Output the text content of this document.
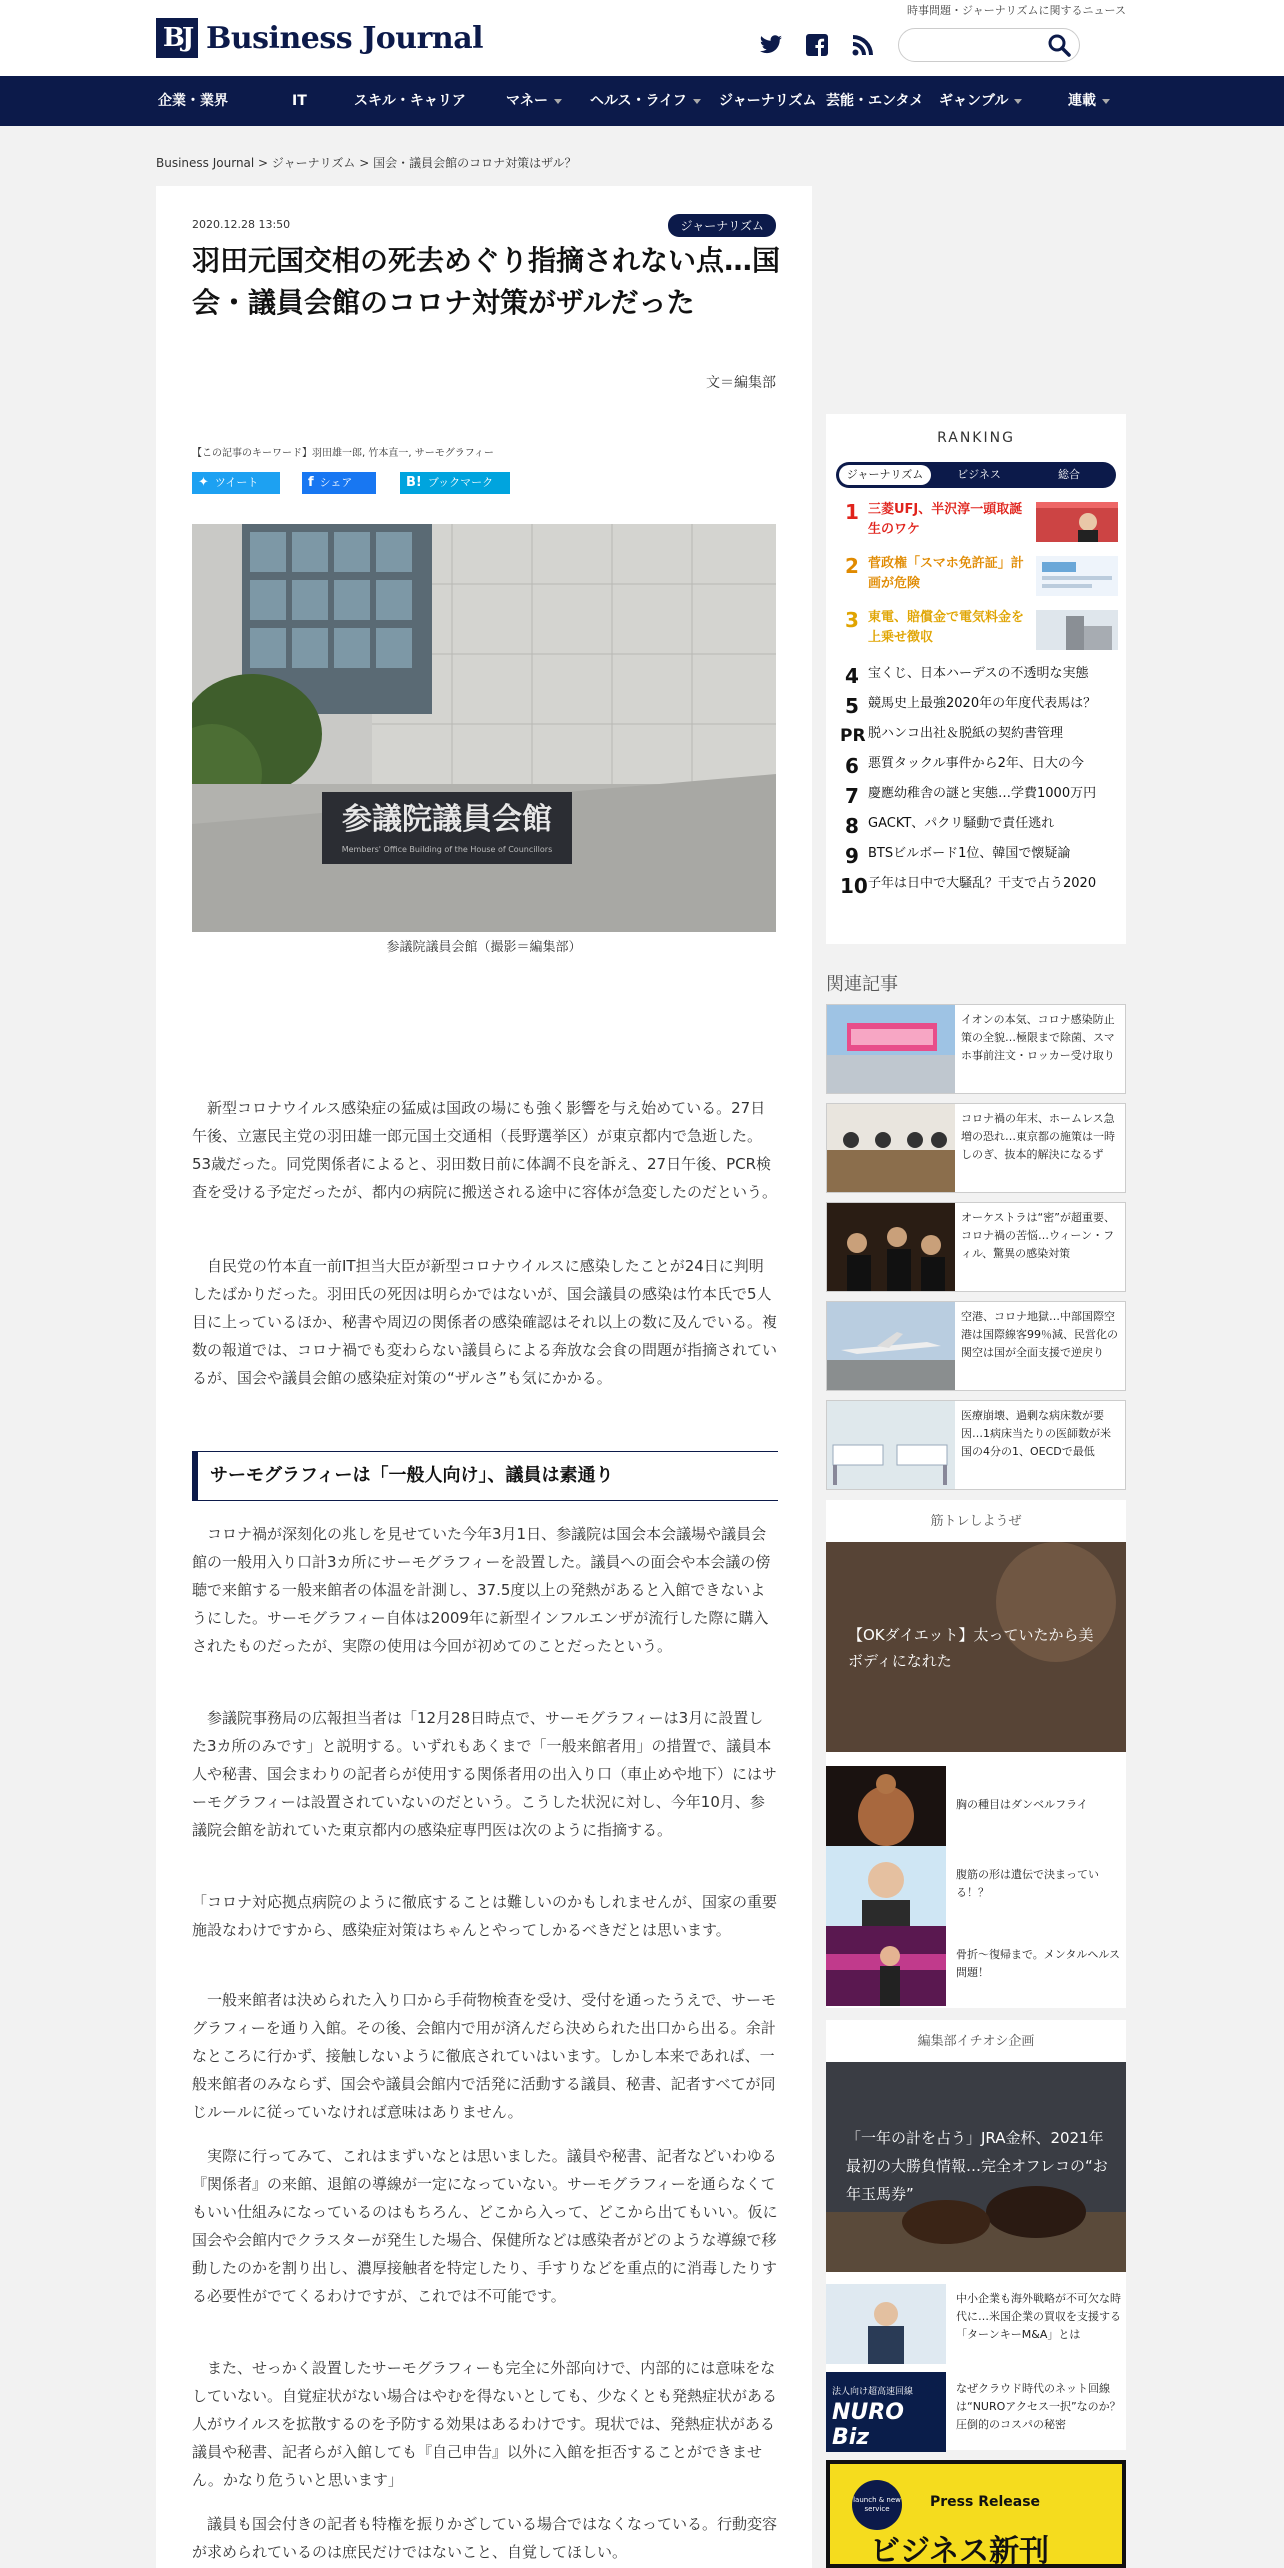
BJ Business Journal
時事問題・ジャーナリズムに関するニュース
企業・業界	IT	スキル・キャリア	マネー	ヘルス・ライフ	ジャーナリズム 芸能・エンタメ ギャンブル	連載
Business Journal > ジャーナリズム > 国会・議員会館のコロナ対策はザル？
2020.12.28 13:50	ジャーナリズム
羽田元国交相の死去めぐり指摘されない点…国会・議員会館のコロナ対策がザルだった
文＝編集部
【この記事のキーワード】羽田雄一郎, 竹本直一, サーモグラフィー
✦ ツイート	f シェア	B! ブックマーク
参議院議員会館
Members' Office Building of the House of Councillors
参議院議員会館（撮影＝編集部）

新型コロナウイルス感染症の猛威は国政の場にも強く影響を与え始めている。27日午後、立憲民主党の羽田雄一郎元国土交通相（長野選挙区）が東京都内で急逝した。53歳だった。同党関係者によると、羽田数日前に体調不良を訴え、27日午後、PCR検査を受ける予定だったが、都内の病院に搬送される途中に容体が急変したのだという。

自民党の竹本直一前IT担当大臣が新型コロナウイルスに感染したことが24日に判明したばかりだった。羽田氏の死因は明らかではないが、国会議員の感染は竹本氏で5人目に上っているほか、秘書や周辺の関係者の感染確認はそれ以上の数に及んでいる。複数の報道では、コロナ禍でも変わらない議員らによる奔放な会食の問題が指摘されているが、国会や議員会館の感染症対策の“ザルさ”も気にかかる。

サーモグラフィーは「一般人向け」、議員は素通り

コロナ禍が深刻化の兆しを見せていた今年3月1日、参議院は国会本会議場や議員会館の一般用入り口計3カ所にサーモグラフィーを設置した。議員への面会や本会議の傍聴で来館する一般来館者の体温を計測し、37.5度以上の発熱があると入館できないようにした。サーモグラフィー自体は2009年に新型インフルエンザが流行した際に購入されたものだったが、実際の使用は今回が初めてのことだったという。

参議院事務局の広報担当者は「12月28日時点で、サーモグラフィーは3月に設置した3カ所のみです」と説明する。いずれもあくまで「一般来館者用」の措置で、議員本人や秘書、国会まわりの記者らが使用する関係者用の出入り口（車止めや地下）にはサーモグラフィーは設置されていないのだという。こうした状況に対し、今年10月、参議院会館を訪れていた東京都内の感染症専門医は次のように指摘する。

「コロナ対応拠点病院のように徹底することは難しいのかもしれませんが、国家の重要施設なわけですから、感染症対策はちゃんとやってしかるべきだとは思います。

一般来館者は決められた入り口から手荷物検査を受け、受付を通ったうえで、サーモグラフィーを通り入館。その後、会館内で用が済んだら決められた出口から出る。余計なところに行かず、接触しないように徹底されていはいます。しかし本来であれば、一般来館者のみならず、国会や議員会館内で活発に活動する議員、秘書、記者すべてが同じルールに従っていなければ意味はありません。

実際に行ってみて、これはまずいなとは思いました。議員や秘書、記者などいわゆる『関係者』の来館、退館の導線が一定になっていない。サーモグラフィーを通らなくてもいい仕組みになっているのはもちろん、どこから入って、どこから出てもいい。仮に国会や会館内でクラスターが発生した場合、保健所などは感染者がどのような導線で移動したのかを割り出し、濃厚接触者を特定したり、手すりなどを重点的に消毒したりする必要性がでてくるわけですが、これでは不可能です。

また、せっかく設置したサーモグラフィーも完全に外部向けで、内部的には意味をなしていない。自覚症状がない場合はやむを得ないとしても、少なくとも発熱症状がある人がウイルスを拡散するのを予防する効果はあるわけです。現状では、発熱症状がある議員や秘書、記者らが入館しても『自己申告』以外に入館を拒否することができません。かなり危ういと思います」

議員も国会付きの記者も特権を振りかざしている場合ではなくなっている。行動変容が求められているのは庶民だけではないこと、自覚してほしい。

RANKING
ジャーナリズム	ビジネス	総合
1 三菱UFJ、半沢淳一頭取誕生のワケ
2 菅政権「スマホ免許証」計画が危険
3 東電、賠償金で電気料金を上乗せ徴収
4 宝くじ、日本ハーデスの不透明な実態
5 競馬史上最強2020年の年度代表馬は？
PR 脱ハンコ出社＆脱紙の契約書管理
6 悪質タックル事件から2年、日大の今
7 慶應幼稚舎の謎と実態…学費1000万円
8 GACKT、パクリ騒動で責任逃れ
9 BTSビルボード1位、韓国で懐疑論
10 子年は日中で大騒乱？干支で占う2020
関連記事
イオンの本気、コロナ感染防止策の全貌…極限まで除菌、スマホ事前注文・ロッカー受け取り
コロナ禍の年末、ホームレス急増の恐れ…東京都の施策は一時しのぎ、抜本的解決になるず
オーケストラは“密”が超重要、コロナ禍の苦悩…ウィーン・フィル、驚異の感染対策
空港、コロナ地獄…中部国際空港は国際線客99％減、民営化の関空は国が全面支援で逆戻り
医療崩壊、過剰な病床数が要因…1病床当たりの医師数が米国の4分の1、OECDで最低
筋トレしようぜ
【OKダイエット】太っていたから美ボディになれた
胸の種目はダンベルフライ
腹筋の形は遺伝で決まっている！？
骨折〜復帰まで。メンタルヘルス問題！
編集部イチオシ企画
「一年の計を占う」JRA金杯、2021年最初の大勝負情報…完全オフレコの“お年玉馬券”
中小企業も海外戦略が不可欠な時代に…米国企業の買収を支援する「ターンキーM&A」とは
法人向け超高速回線
NURO Biz
なぜクラウド時代のネット回線は“NUROアクセス一択”なのか？圧倒的のコスパの秘密
launch & new service	Press Release
ビジネス新刊
